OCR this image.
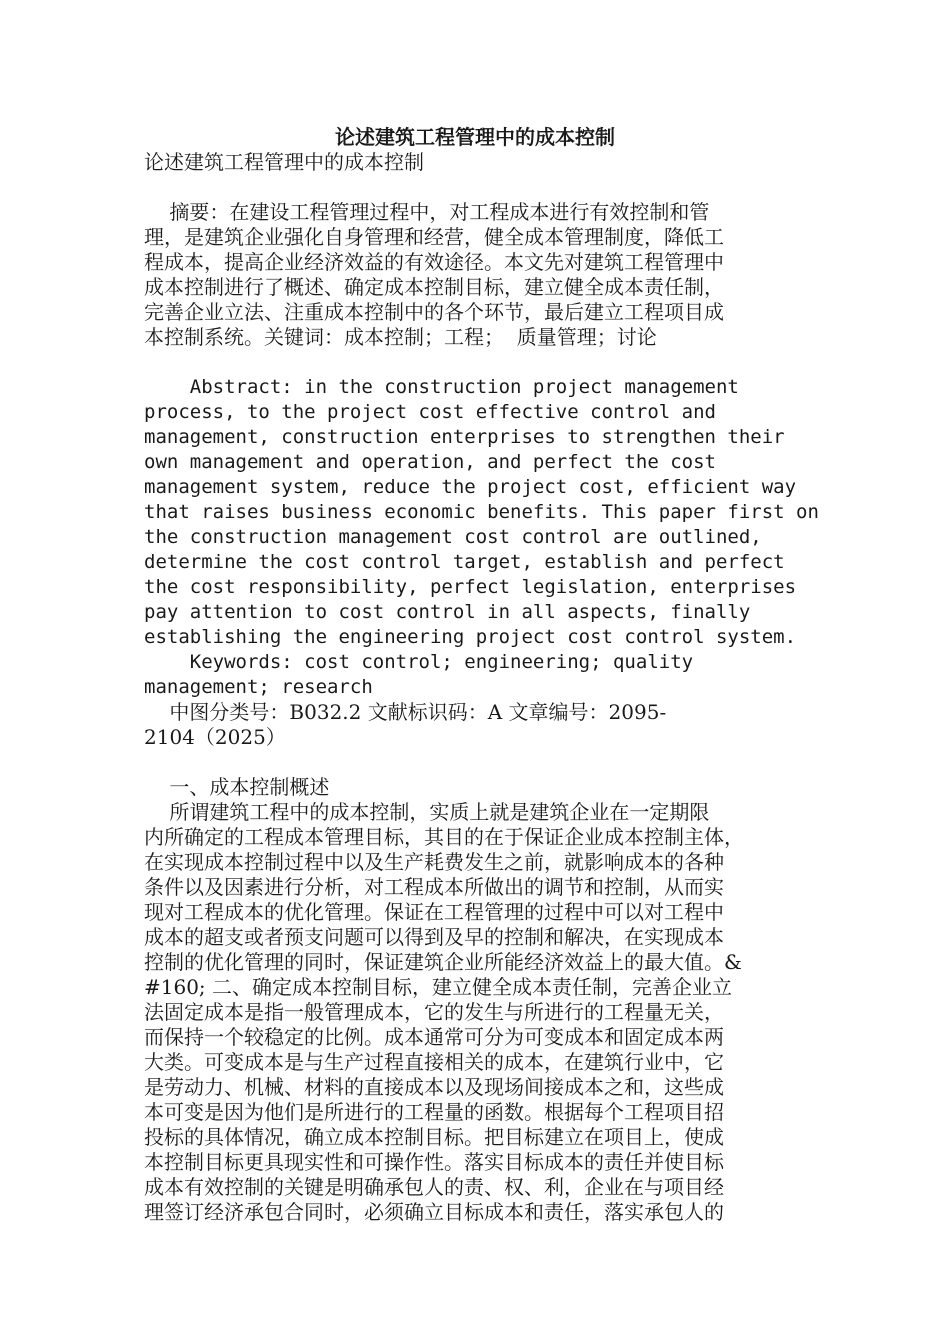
论述建筑工程管理中的成本控制

论述建筑工程管理中的成本控制

摘要：在建设工程管理过程中，对工程成本进行有效控制和管

理，是建筑企业强化自身管理和经营，健全成本管理制度，降低工

程成本，提高企业经济效益的有效途径。本文先对建筑工程管理中

成本控制进行了概述、确定成本控制目标，建立健全成本责任制，

完善企业立法、注重成本控制中的各个环节，最后建立工程项目成

本控制系统。关键词：成本控制；工程；  质量管理；讨论

Abstract: in the construction project management

process, to the project cost effective control and

management, construction enterprises to strengthen their

own management and operation, and perfect the cost

management system, reduce the project cost, efficient way

that raises business economic benefits. This paper first on

the construction management cost control are outlined,

determine the cost control target, establish and perfect

the cost responsibility, perfect legislation, enterprises

pay attention to cost control in all aspects, finally

establishing the engineering project cost control system.

Keywords: cost control; engineering; quality

management; research

中图分类号：B032.2 文献标识码：A 文章编号：2095-

2104（2025）

一、成本控制概述

所谓建筑工程中的成本控制，实质上就是建筑企业在一定期限

内所确定的工程成本管理目标，其目的在于保证企业成本控制主体，

在实现成本控制过程中以及生产耗费发生之前，就影响成本的各种

条件以及因素进行分析，对工程成本所做出的调节和控制，从而实

现对工程成本的优化管理。保证在工程管理的过程中可以对工程中

成本的超支或者预支问题可以得到及早的控制和解决，在实现成本

控制的优化管理的同时，保证建筑企业所能经济效益上的最大值。&

#160; 二、确定成本控制目标，建立健全成本责任制，完善企业立

法固定成本是指一般管理成本，它的发生与所进行的工程量无关，

而保持一个较稳定的比例。成本通常可分为可变成本和固定成本两

大类。可变成本是与生产过程直接相关的成本，在建筑行业中，它

是劳动力、机械、材料的直接成本以及现场间接成本之和，这些成

本可变是因为他们是所进行的工程量的函数。根据每个工程项目招

投标的具体情况，确立成本控制目标。把目标建立在项目上，使成

本控制目标更具现实性和可操作性。落实目标成本的责任并使目标

成本有效控制的关键是明确承包人的责、权、利，企业在与项目经

理签订经济承包合同时，必须确立目标成本和责任，落实承包人的
